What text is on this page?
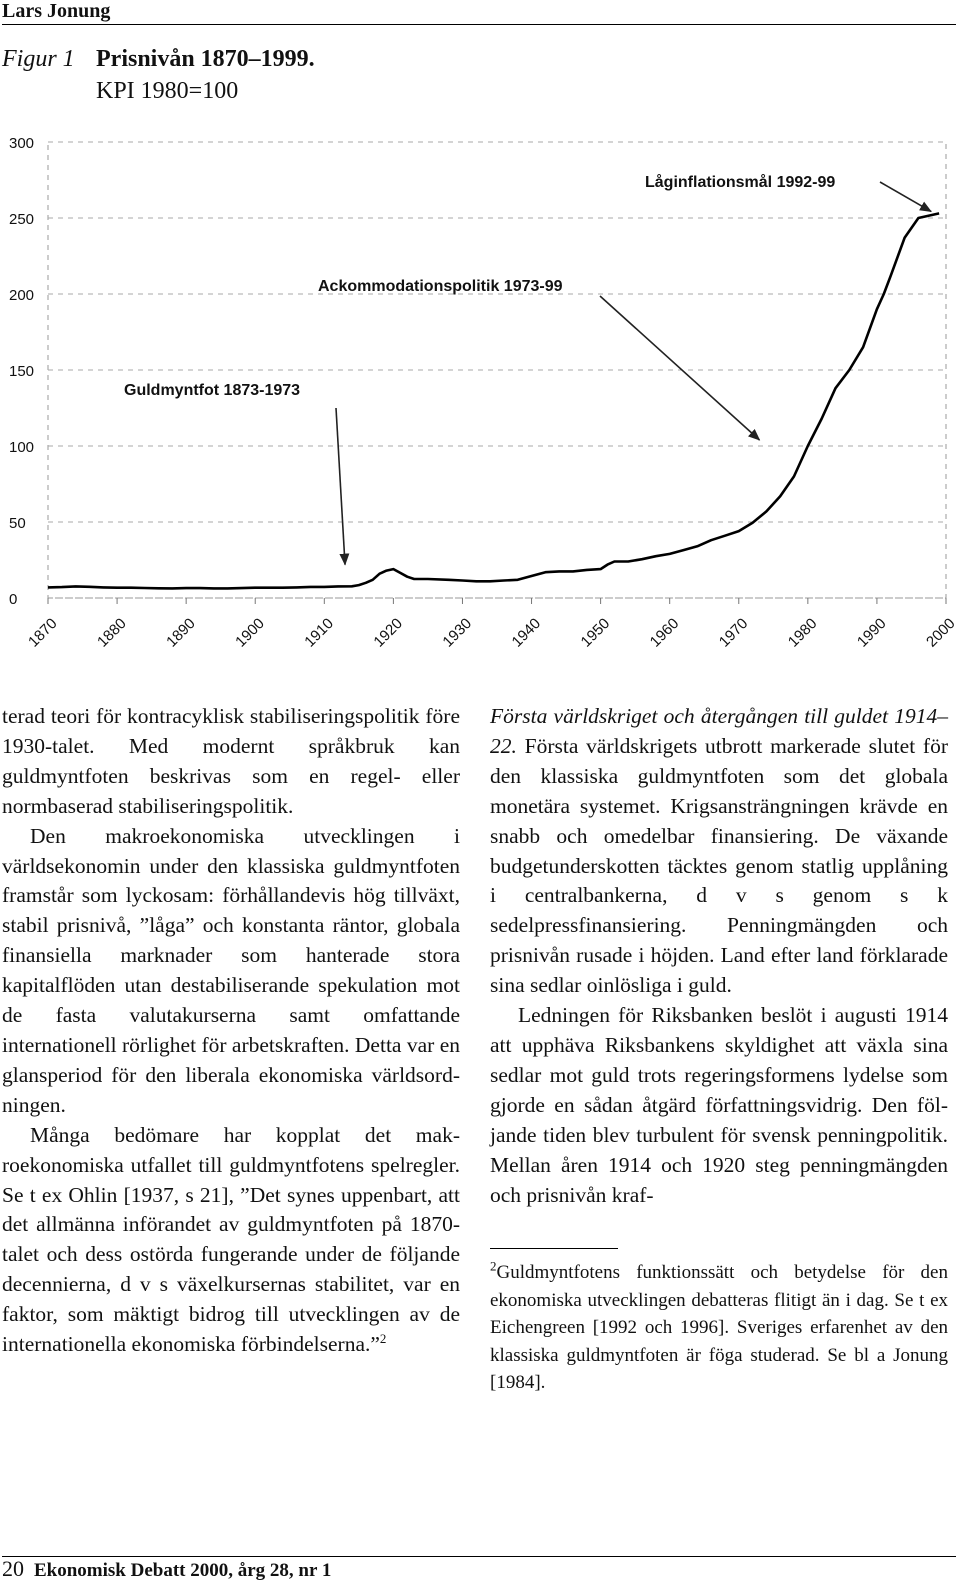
Lars Jonung
Figur 1 Prisnivån 1870–1999.
KPI 1980=100
0
50
100
150
200
250
300
1870 1880 1890 1900 1910 1920 1930 1940 1950 1960 1970 1980 1990 2000
Låginflationsmål 1992-99
Ackommodationspolitik 1973-99
Guldmyntfot 1873-1973

terad teori för kontracyklisk stabiliseringspolitik före 1930-talet. Med modernt språkbruk kan guldmyntfoten beskrivas som en regel- eller normbaserad stabiliseringspolitik.

Den makroekonomiska utvecklingen i världsekonomin under den klassiska guldmyntfoten framstår som lyckosam: förhållandevis hög tillväxt, stabil prisnivå, ”låga” och konstanta räntor, globala finansiella marknader som hanterade stora kapitalflöden utan destabiliserande spekulation mot de fasta valutakurserna samt omfattande internationell rörlighet för arbetskraften. Detta var en glansperiod för den liberala ekonomiska världsordningen.

Många bedömare har kopplat det makroekonomiska utfallet till guldmyntfotens spelregler. Se t ex Ohlin [1937, s 21], ”Det synes uppenbart, att det allmänna införandet av guldmyntfoten på 1870-talet och dess ostörda fungerande under de följande decennierna, d v s växelkursernas stabilitet, var en faktor, som mäktigt bidrog till utvecklingen av de internationella ekonomiska förbindelserna.”$^2$

Första världskriget och återgången till guldet 1914–22. Första världskrigets utbrott markerade slutet för den klassiska guldmyntfoten som det globala monetära systemet. Krigsansträngningen krävde en snabb och omedelbar finansiering. De växande budgetunderskotten täcktes genom statlig upplåning i centralbankerna, d v s genom s k sedelpressfinansiering. Penningmängden och prisnivån rusade i höjden. Land efter land förklarade sina sedlar oinlösliga i guld.

Ledningen för Riksbanken beslöt i augusti 1914 att upphäva Riksbankens skyldighet att växla sina sedlar mot guld trots regeringsformens lydelse som gjorde en sådan åtgärd författningsvidrig. Den följande tiden blev turbulent för svensk penningpolitik. Mellan åren 1914 och 1920 steg penningmängden och prisnivån kraf-

$^2$Guldmyntfotens funktionssätt och betydelse för den ekonomiska utvecklingen debatteras flitigt än i dag. Se t ex Eichengreen [1992 och 1996]. Sveriges erfarenhet av den klassiska guldmyntfoten är föga studerad. Se bl a Jonung [1984].

20 Ekonomisk Debatt 2000, årg 28, nr 1
